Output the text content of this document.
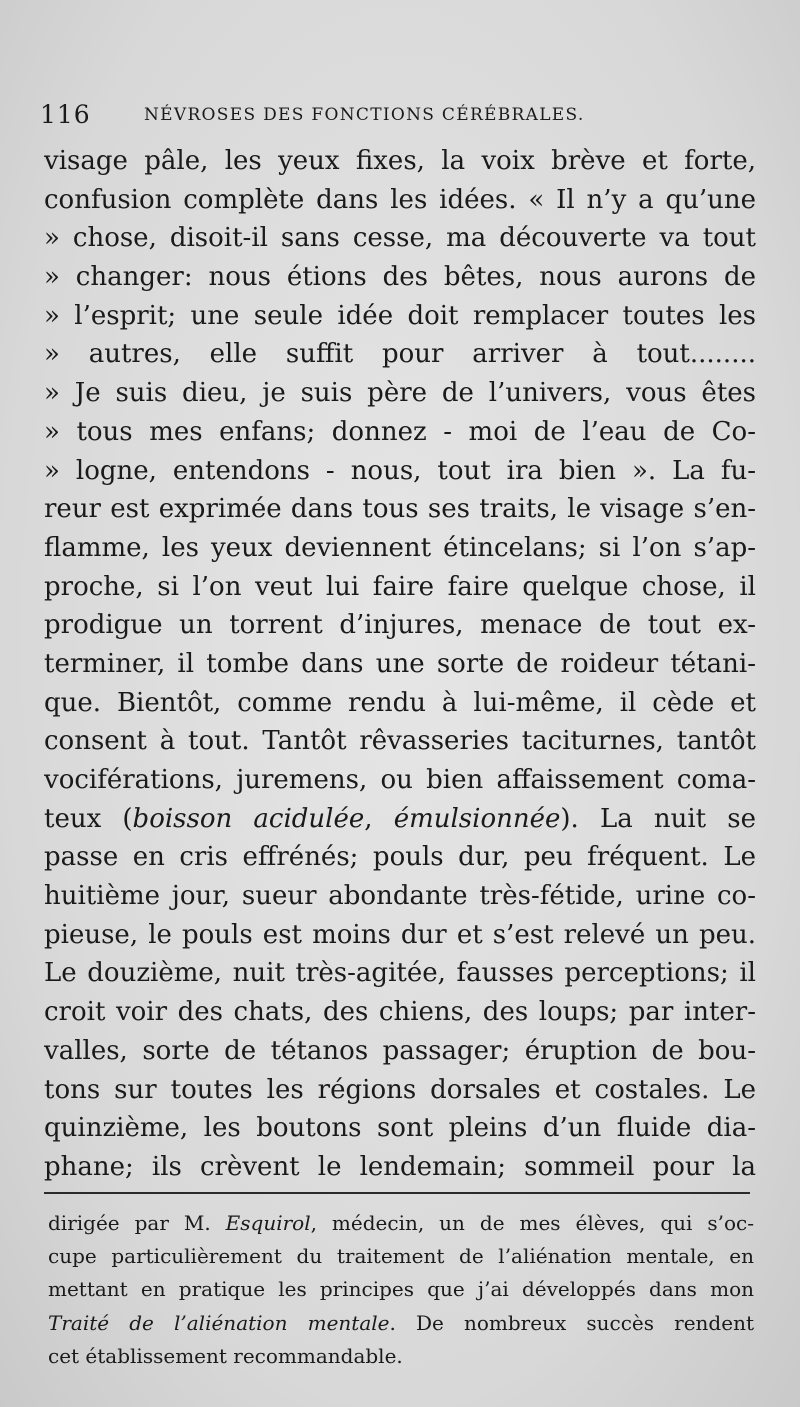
116	NÉVROSES DES FONCTIONS CÉRÉBRALES.
visage pâle, les yeux fixes, la voix brève et forte,
confusion complète dans les idées. « Il n’y a qu’une
» chose, disoit-il sans cesse, ma découverte va tout
» changer: nous étions des bêtes, nous aurons de
» l’esprit; une seule idée doit remplacer toutes les
» autres, elle suffit pour arriver à tout........
» Je suis dieu, je suis père de l’univers, vous êtes
» tous mes enfans; donnez - moi de l’eau de Co-
» logne, entendons - nous, tout ira bien ». La fu-
reur est exprimée dans tous ses traits, le visage s’en-
flamme, les yeux deviennent étincelans; si l’on s’ap-
proche, si l’on veut lui faire faire quelque chose, il
prodigue un torrent d’injures, menace de tout ex-
terminer, il tombe dans une sorte de roideur tétani-
que. Bientôt, comme rendu à lui-même, il cède et
consent à tout. Tantôt rêvasseries taciturnes, tantôt
vociférations, juremens, ou bien affaissement coma-
teux (boisson acidulée, émulsionnée). La nuit se
passe en cris effrénés; pouls dur, peu fréquent. Le
huitième jour, sueur abondante très-fétide, urine co-
pieuse, le pouls est moins dur et s’est relevé un peu.
Le douzième, nuit très-agitée, fausses perceptions; il
croit voir des chats, des chiens, des loups; par inter-
valles, sorte de tétanos passager; éruption de bou-
tons sur toutes les régions dorsales et costales. Le
quinzième, les boutons sont pleins d’un fluide dia-
phane; ils crèvent le lendemain; sommeil pour la
dirigée par M. Esquirol, médecin, un de mes élèves, qui s’oc-
cupe particulièrement du traitement de l’aliénation mentale, en
mettant en pratique les principes que j’ai développés dans mon
Traité de l’aliénation mentale. De nombreux succès rendent
cet établissement recommandable.
